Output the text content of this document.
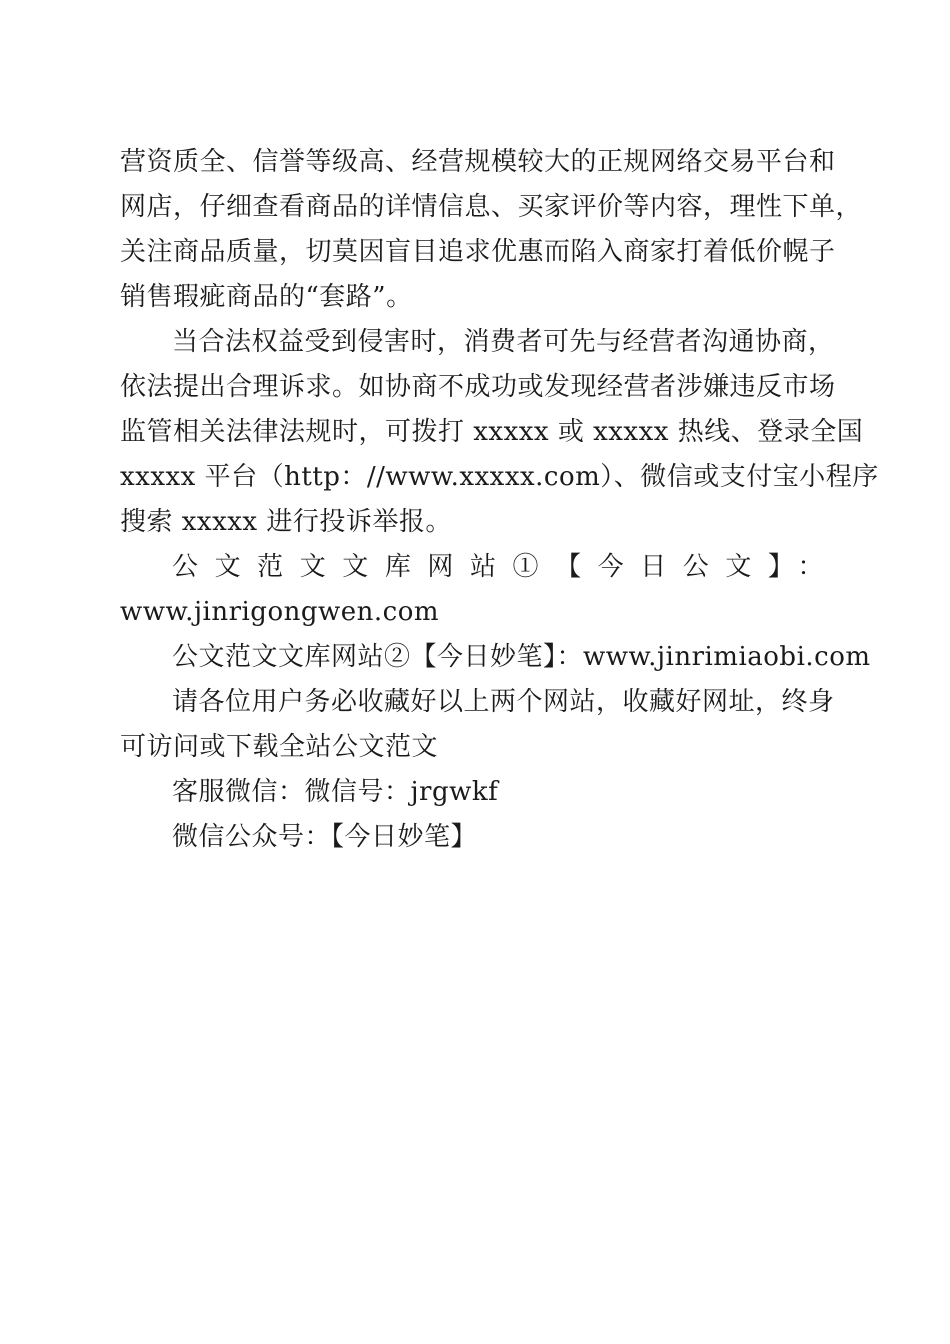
营资质全、信誉等级高、经营规模较大的正规网络交易平台和
网店，仔细查看商品的详情信息、买家评价等内容，理性下单，
关注商品质量，切莫因盲目追求优惠而陷入商家打着低价幌子
销售瑕疵商品的“套路”。
当合法权益受到侵害时，消费者可先与经营者沟通协商，
依法提出合理诉求。如协商不成功或发现经营者涉嫌违反市场
监管相关法律法规时，可拨打 xxxxx 或 xxxxx 热线、登录全国
xxxxx 平台（http：//www.xxxxx.com）、微信或支付宝小程序
搜索 xxxxx 进行投诉举报。
公文范文文库网站①【今日公文】：
www.jinrigongwen.com
公文范文文库网站②【今日妙笔】：www.jinrimiaobi.com
请各位用户务必收藏好以上两个网站，收藏好网址，终身
可访问或下载全站公文范文
客服微信：微信号：jrgwkf
微信公众号：【今日妙笔】
